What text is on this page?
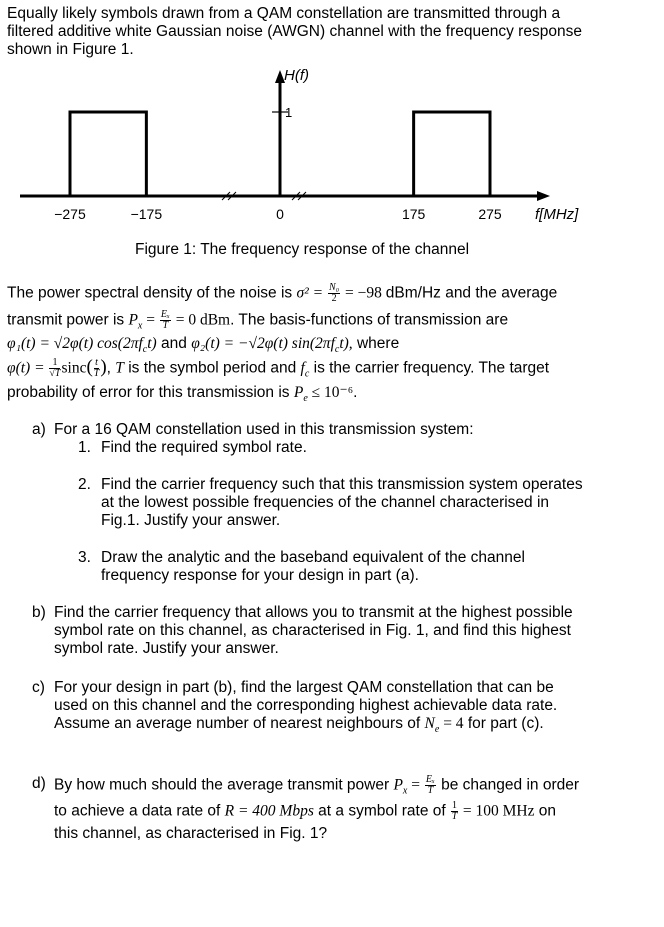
Equally likely symbols drawn from a QAM constellation are transmitted through a
filtered additive white Gaussian noise (AWGN) channel with the frequency response
shown in Figure 1.
−275	−175	0	175	275
1
H(f)
f[MHz]
Figure 1: The frequency response of the channel
The power spectral density of the noise is $\sigma^2 = \frac{\text{N₀}}{2} = -98$ dBm/Hz and the average
transmit power is $P_x = \frac{\text{Eₓ}}{T} = 0$ dBm. The basis-functions of transmission are
φ₁(t) = √2φ(t) $\cos(2\pi f_ct)$ and φ₂(t) = −√2φ(t) $\sin(2\pi f_ct)$, where
$\varphi(t) = \frac{1}{√T} \sin c( \frac{t}{T}$ ), T is the symbol period and $f_c$ is the carrier frequency. The target
probability of error for this transmission is $P_e \le 10^{-6}$.
a) For a 16 QAM constellation used in this transmission system:
1. Find the required symbol rate.
2. Find the carrier frequency such that this transmission system operates
at the lowest possible frequencies of the channel characterised in
Fig.1. Justify your answer.
3. Draw the analytic and the baseband equivalent of the channel
frequency response for your design in part (a).
b) Find the carrier frequency that allows you to transmit at the highest possible
symbol rate on this channel, as characterised in Fig. 1, and find this highest
symbol rate. Justify your answer.
c) For your design in part (b), find the largest QAM constellation that can be
used on this channel and the corresponding highest achievable data rate.
Assume an average number of nearest neighbours of $N_e = 4$ for part (c).
d) By how much should the average transmit power $P_x = \frac{\text{Eₓ}}{T}$ be changed in order
to achieve a data rate of R = 400 Mbps at a symbol rate of $\frac{1}{T} = 100$ MHz on
this channel, as characterised in Fig. 1?
